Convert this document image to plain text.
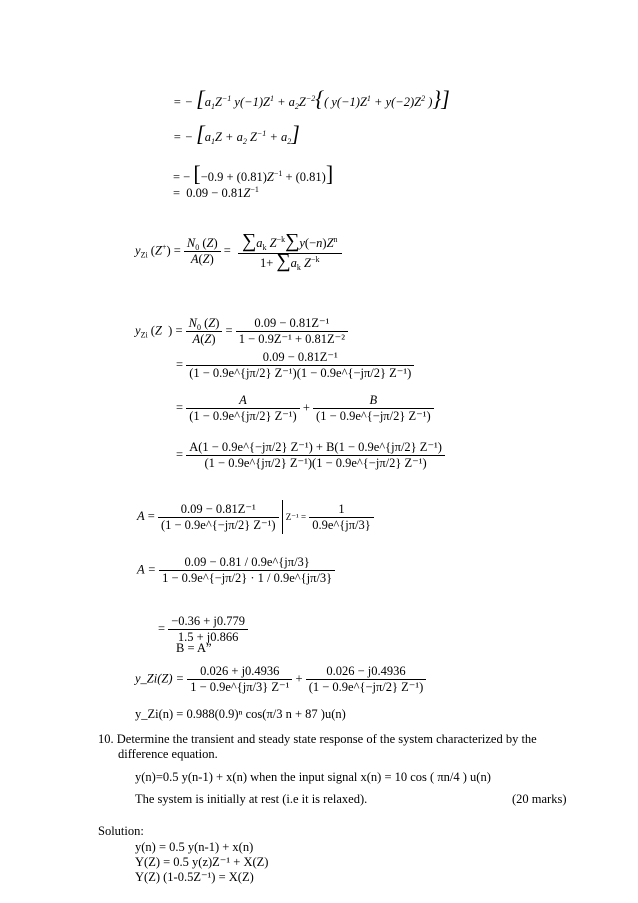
= − [$a_1Z^{-1}$ $y(-1)Z^1 + a_2Z^{-2}${( $y(-1)Z^1 + y(-2)Z^2$ )}]
= − [$a_1Z + a_2$ $Z^{-1} + a_2$]
= − $[-0.9 + (0.81)Z^{-1} + (0.81)]$
=  $0.09 - 0.81Z^{-1}$
$y_{Zi}$ $(Z^+) = \frac{N_0 (Z)}{A(Z)} = \frac{\sum a_k Z^{-k}\sum y(-n)Z^n}{1+ \sum a_k Z^{-k}}$
$y_{Zi}$ (Z  ) = $\frac{N_0 (Z)}{A(Z)} = \frac{\text{0.09 − 0.81Z⁻¹}}{\text{1 − 0.9Z⁻¹ + 0.81Z⁻²}}$
= $\frac{\text{0.09 − 0.81Z⁻¹}}{\text{(1 − 0.9e\textasciicircum{}\{jπ/2\} Z⁻¹)(1 − 0.9e\textasciicircum{}\{−jπ/2\} Z⁻¹)}}$
= $\frac{A}{\text{(1 − 0.9e\textasciicircum{}\{jπ/2\} Z⁻¹)}} + \frac{B}{\text{(1 − 0.9e\textasciicircum{}\{−jπ/2\} Z⁻¹)}}$
= $\frac{\text{A(1 − 0.9e\textasciicircum{}\{−jπ/2\} Z⁻¹) + B(1 − 0.9e\textasciicircum{}\{jπ/2\} Z⁻¹)}}{\text{(1 − 0.9e\textasciicircum{}\{jπ/2\} Z⁻¹)(1 − 0.9e\textasciicircum{}\{−jπ/2\} Z⁻¹)}}$
$A = \frac{\text{0.09 − 0.81Z⁻¹}}{\text{(1 − 0.9e\textasciicircum{}\{−jπ/2\} Z⁻¹)}} Z^{-1} = \frac{1}{0.9e\^{}\{j\pi/3\}}$
$A = \frac{0.09 - 0.81 / 0.9e\^{}\{j\pi/3\}}{1 - 0.9e\^{}\{-j\pi/2\} \cdot 1 / 0.9e\^{}\{j\pi/3\}}$
= $\frac{-0.36 + j0.779}{1.5 + j0.866}$
B = A”
y_Zi(Z) = $\frac{0.026 + j0.4936}{\text{1 − 0.9e\textasciicircum{}\{jπ/3\} Z⁻¹}} + \frac{0.026 - j0.4936}{\text{(1 − 0.9e\textasciicircum{}\{−jπ/2\} Z⁻¹)}}$
y_Zi(n) = 0.988(0.9)ⁿ cos(π/3 n + 87 )u(n)
10. Determine the transient and steady state response of the system characterized by the
difference equation.
y(n)=0.5 y(n-1) + x(n) when the input signal x(n) = 10 cos ( πn/4 ) u(n)
The system is initially at rest (i.e it is relaxed).	(20 marks)
Solution:
y(n) = 0.5 y(n-1) + x(n)
Y(Z) = 0.5 y(z)Z⁻¹ + X(Z)
Y(Z) (1-0.5Z⁻¹) = X(Z)
